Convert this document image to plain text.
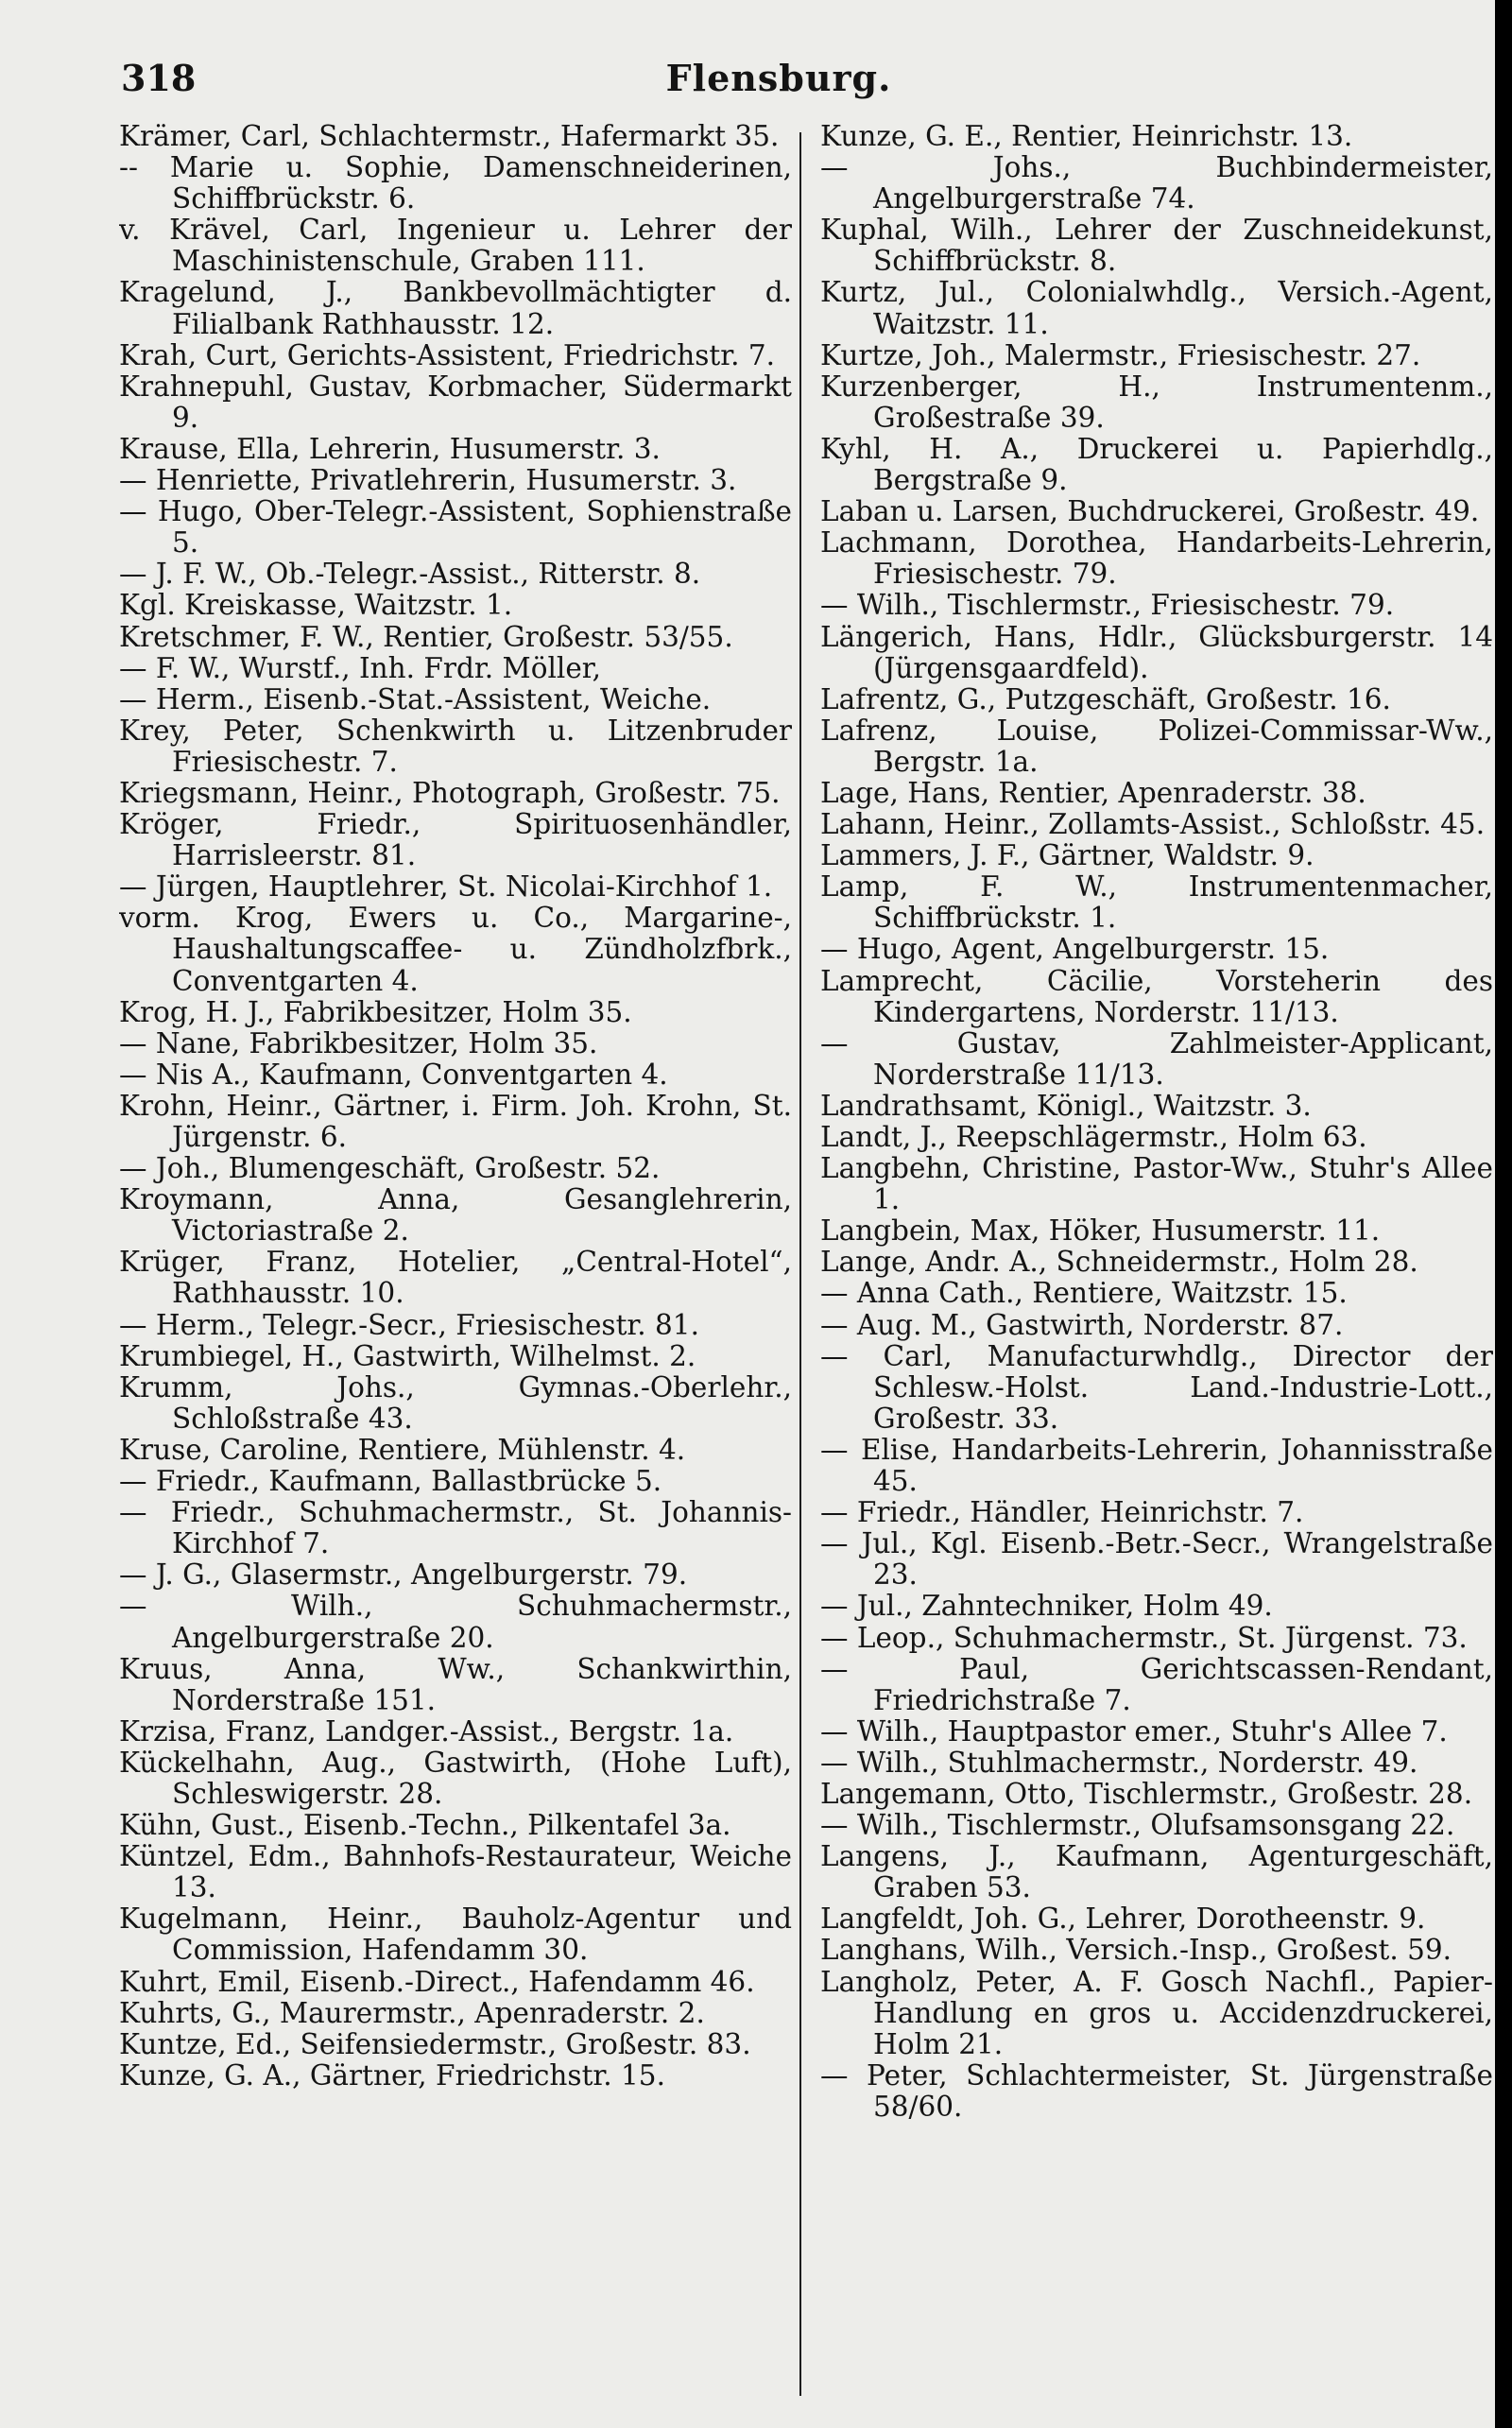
318	Flensburg.
Krämer, Carl, Schlachtermstr., Hafermarkt 35.
-- Marie u. Sophie, Damenschneiderinen, Schiffbrückstr. 6.
v. Krävel, Carl, Ingenieur u. Lehrer der Maschinistenschule, Graben 111.
Kragelund, J., Bankbevollmächtigter d. Filialbank Rathhausstr. 12.
Krah, Curt, Gerichts-Assistent, Friedrichstr. 7.
Krahnepuhl, Gustav, Korbmacher, Südermarkt 9.
Krause, Ella, Lehrerin, Husumerstr. 3.
— Henriette, Privatlehrerin, Husumerstr. 3.
— Hugo, Ober-Telegr.-Assistent, Sophienstraße 5.
— J. F. W., Ob.-Telegr.-Assist., Ritterstr. 8.
Kgl. Kreiskasse, Waitzstr. 1.
Kretschmer, F. W., Rentier, Großestr. 53/55.
— F. W., Wurstf., Inh. Frdr. Möller,
— Herm., Eisenb.-Stat.-Assistent, Weiche.
Krey, Peter, Schenkwirth u. Litzenbruder Friesischestr. 7.
Kriegsmann, Heinr., Photograph, Großestr. 75.
Kröger, Friedr., Spirituosenhändler, Harrisleerstr. 81.
— Jürgen, Hauptlehrer, St. Nicolai-Kirchhof 1.
vorm. Krog, Ewers u. Co., Margarine-, Haushaltungscaffee- u. Zündholzfbrk., Conventgarten 4.
Krog, H. J., Fabrikbesitzer, Holm 35.
— Nane, Fabrikbesitzer, Holm 35.
— Nis A., Kaufmann, Conventgarten 4.
Krohn, Heinr., Gärtner, i. Firm. Joh. Krohn, St. Jürgenstr. 6.
— Joh., Blumengeschäft, Großestr. 52.
Kroymann, Anna, Gesanglehrerin, Victoriastraße 2.
Krüger, Franz, Hotelier, „Central-Hotel“, Rathhausstr. 10.
— Herm., Telegr.-Secr., Friesischestr. 81.
Krumbiegel, H., Gastwirth, Wilhelmst. 2.
Krumm, Johs., Gymnas.-Oberlehr., Schloßstraße 43.
Kruse, Caroline, Rentiere, Mühlenstr. 4.
— Friedr., Kaufmann, Ballastbrücke 5.
— Friedr., Schuhmachermstr., St. Johannis-Kirchhof 7.
— J. G., Glasermstr., Angelburgerstr. 79.
— Wilh., Schuhmachermstr., Angelburgerstraße 20.
Kruus, Anna, Ww., Schankwirthin, Norderstraße 151.
Krzisa, Franz, Landger.-Assist., Bergstr. 1a.
Kückelhahn, Aug., Gastwirth, (Hohe Luft), Schleswigerstr. 28.
Kühn, Gust., Eisenb.-Techn., Pilkentafel 3a.
Küntzel, Edm., Bahnhofs-Restaurateur, Weiche 13.
Kugelmann, Heinr., Bauholz-Agentur und Commission, Hafendamm 30.
Kuhrt, Emil, Eisenb.-Direct., Hafendamm 46.
Kuhrts, G., Maurermstr., Apenraderstr. 2.
Kuntze, Ed., Seifensiedermstr., Großestr. 83.
Kunze, G. A., Gärtner, Friedrichstr. 15.
Kunze, G. E., Rentier, Heinrichstr. 13.
— Johs., Buchbindermeister, Angelburgerstraße 74.
Kuphal, Wilh., Lehrer der Zuschneidekunst, Schiffbrückstr. 8.
Kurtz, Jul., Colonialwhdlg., Versich.-Agent, Waitzstr. 11.
Kurtze, Joh., Malermstr., Friesischestr. 27.
Kurzenberger, H., Instrumentenm., Großestraße 39.
Kyhl, H. A., Druckerei u. Papierhdlg., Bergstraße 9.
Laban u. Larsen, Buchdruckerei, Großestr. 49.
Lachmann, Dorothea, Handarbeits-Lehrerin, Friesischestr. 79.
— Wilh., Tischlermstr., Friesischestr. 79.
Längerich, Hans, Hdlr., Glücksburgerstr. 14 (Jürgensgaardfeld).
Lafrentz, G., Putzgeschäft, Großestr. 16.
Lafrenz, Louise, Polizei-Commissar-Ww., Bergstr. 1a.
Lage, Hans, Rentier, Apenraderstr. 38.
Lahann, Heinr., Zollamts-Assist., Schloßstr. 45.
Lammers, J. F., Gärtner, Waldstr. 9.
Lamp, F. W., Instrumentenmacher, Schiffbrückstr. 1.
— Hugo, Agent, Angelburgerstr. 15.
Lamprecht, Cäcilie, Vorsteherin des Kindergartens, Norderstr. 11/13.
— Gustav, Zahlmeister-Applicant, Norderstraße 11/13.
Landrathsamt, Königl., Waitzstr. 3.
Landt, J., Reepschlägermstr., Holm 63.
Langbehn, Christine, Pastor-Ww., Stuhr's Allee 1.
Langbein, Max, Höker, Husumerstr. 11.
Lange, Andr. A., Schneidermstr., Holm 28.
— Anna Cath., Rentiere, Waitzstr. 15.
— Aug. M., Gastwirth, Norderstr. 87.
— Carl, Manufacturwhdlg., Director der Schlesw.-Holst. Land.-Industrie-Lott., Großestr. 33.
— Elise, Handarbeits-Lehrerin, Johannisstraße 45.
— Friedr., Händler, Heinrichstr. 7.
— Jul., Kgl. Eisenb.-Betr.-Secr., Wrangelstraße 23.
— Jul., Zahntechniker, Holm 49.
— Leop., Schuhmachermstr., St. Jürgenst. 73.
— Paul, Gerichtscassen-Rendant, Friedrichstraße 7.
— Wilh., Hauptpastor emer., Stuhr's Allee 7.
— Wilh., Stuhlmachermstr., Norderstr. 49.
Langemann, Otto, Tischlermstr., Großestr. 28.
— Wilh., Tischlermstr., Olufsamsonsgang 22.
Langens, J., Kaufmann, Agenturgeschäft, Graben 53.
Langfeldt, Joh. G., Lehrer, Dorotheenstr. 9.
Langhans, Wilh., Versich.-Insp., Großest. 59.
Langholz, Peter, A. F. Gosch Nachfl., Papier-Handlung en gros u. Accidenzdruckerei, Holm 21.
— Peter, Schlachtermeister, St. Jürgenstraße 58/60.
